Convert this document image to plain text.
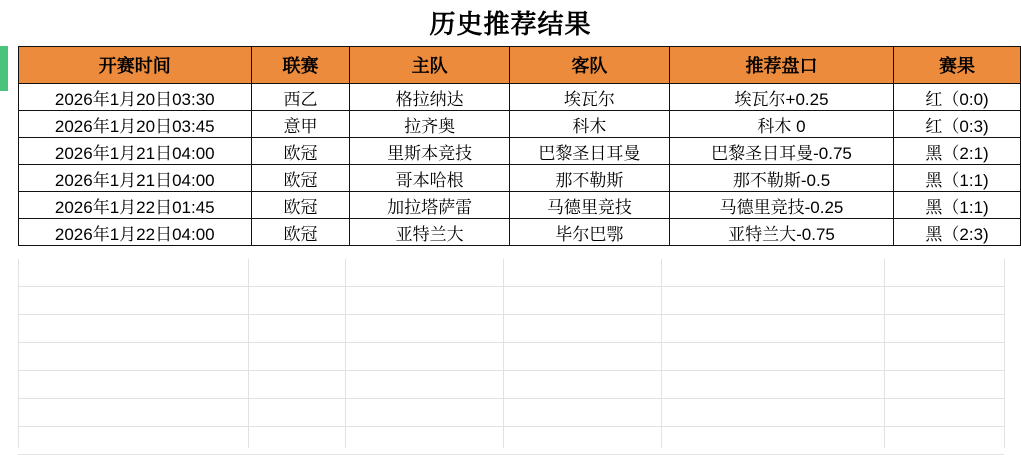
历史推荐结果
开赛时间	联赛	主队	客队	推荐盘口	赛果
2026年1月20日03:30	西乙	格拉纳达	埃瓦尔	埃瓦尔+0.25	红（0:0)
2026年1月20日03:45	意甲	拉齐奥	科木	科木 0	红（0:3)
2026年1月21日04:00	欧冠	里斯本竞技	巴黎圣日耳曼	巴黎圣日耳曼-0.75	黑（2:1)
2026年1月21日04:00	欧冠	哥本哈根	那不勒斯	那不勒斯-0.5	黑（1:1)
2026年1月22日01:45	欧冠	加拉塔萨雷	马德里竞技	马德里竞技-0.25	黑（1:1)
2026年1月22日04:00	欧冠	亚特兰大	毕尔巴鄂	亚特兰大-0.75	黑（2:3)
